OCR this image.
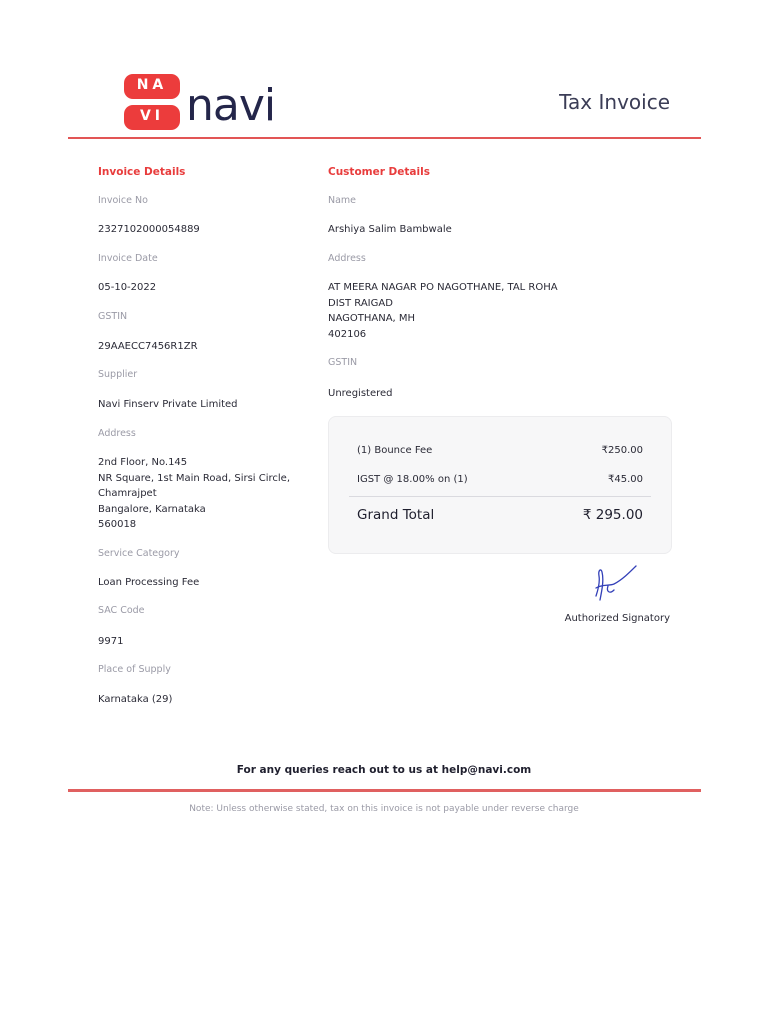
NA
VI navi	Tax Invoice
Invoice Details
Invoice No
2327102000054889
Invoice Date
05-10-2022
GSTIN
29AAECC7456R1ZR
Supplier
Navi Finserv Private Limited
Address
2nd Floor, No.145
NR Square, 1st Main Road, Sirsi Circle,
Chamrajpet
Bangalore, Karnataka
560018
Service Category
Loan Processing Fee
SAC Code
9971
Place of Supply
Karnataka (29)
Customer Details
Name
Arshiya Salim Bambwale
Address
AT MEERA NAGAR PO NAGOTHANE, TAL ROHA
DIST RAIGAD
NAGOTHANA, MH
402106
GSTIN
Unregistered
(1) Bounce Fee	₹250.00
IGST @ 18.00% on (1)	₹45.00
Grand Total	₹ 295.00
Authorized Signatory
For any queries reach out to us at help@navi.com
Note: Unless otherwise stated, tax on this invoice is not payable under reverse charge
